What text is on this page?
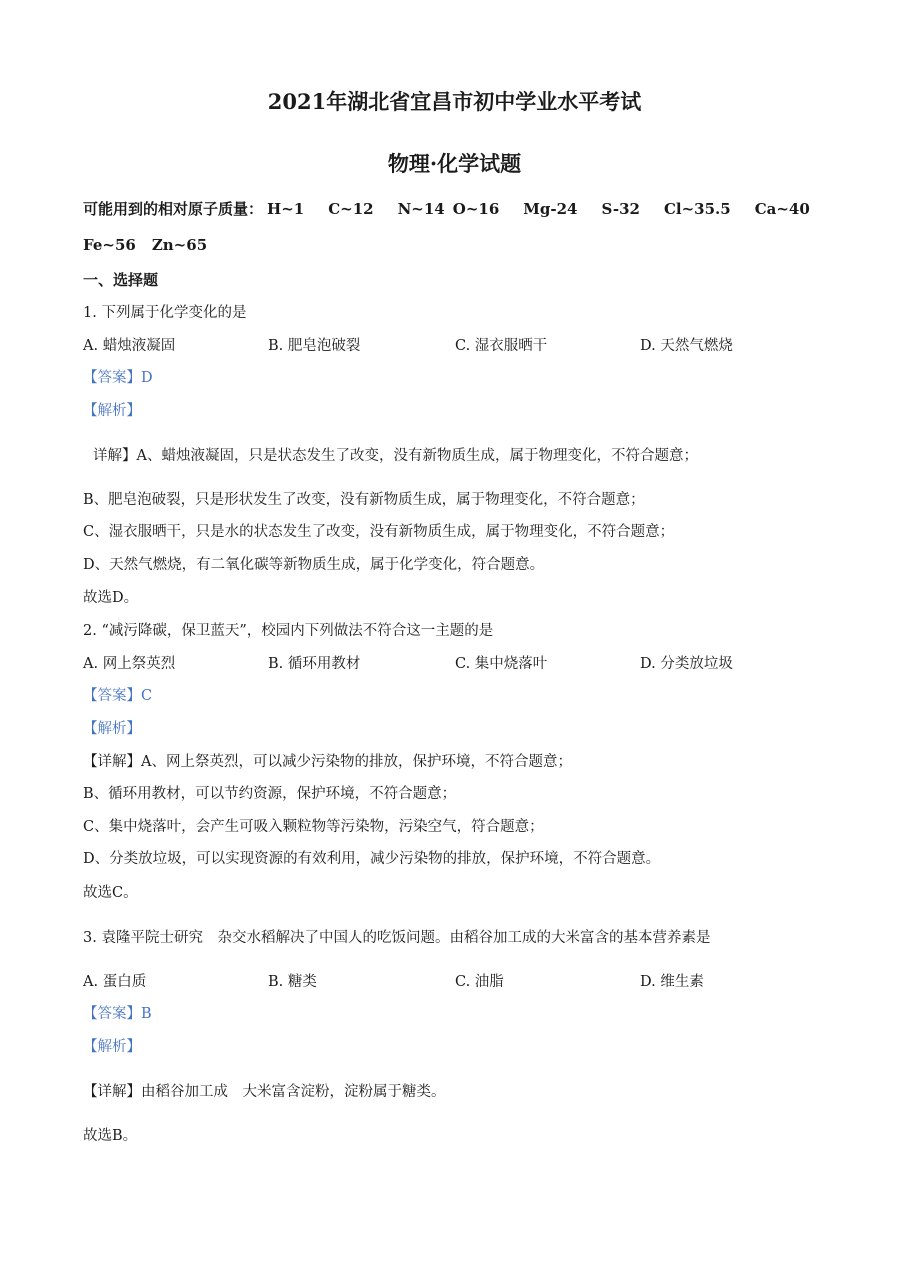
2021年湖北省宜昌市初中学业水平考试
物理·化学试题
可能用到的相对原子质量： H~1 C~12 N~14 O~16 Mg-24 S-32 Cl~35.5 Ca~40
Fe~56 Zn~65
一、选择题
1. 下列属于化学变化的是
A. 蜡烛液凝固	B. 肥皂泡破裂	C. 湿衣服晒干	D. 天然气燃烧
【答案】D
【解析】
详解】A、蜡烛液凝固，只是状态发生了改变，没有新物质生成，属于物理变化，不符合题意；
B、肥皂泡破裂，只是形状发生了改变，没有新物质生成，属于物理变化，不符合题意；
C、湿衣服晒干，只是水的状态发生了改变，没有新物质生成，属于物理变化，不符合题意；
D、天然气燃烧，有二氧化碳等新物质生成，属于化学变化，符合题意。
故选D。
2. “减污降碳，保卫蓝天”，校园内下列做法不符合这一主题的是
A. 网上祭英烈	B. 循环用教材	C. 集中烧落叶	D. 分类放垃圾
【答案】C
【解析】
【详解】A、网上祭英烈，可以减少污染物的排放，保护环境，不符合题意；
B、循环用教材，可以节约资源，保护环境，不符合题意；
C、集中烧落叶，会产生可吸入颗粒物等污染物，污染空气，符合题意；
D、分类放垃圾，可以实现资源的有效利用，减少污染物的排放，保护环境，不符合题意。
故选C。
3. 袁隆平院士研究　杂交水稻解决了中国人的吃饭问题。由稻谷加工成的大米富含的基本营养素是
A. 蛋白质	B. 糖类	C. 油脂	D. 维生素
【答案】B
【解析】
【详解】由稻谷加工成　大米富含淀粉，淀粉属于糖类。
故选B。
